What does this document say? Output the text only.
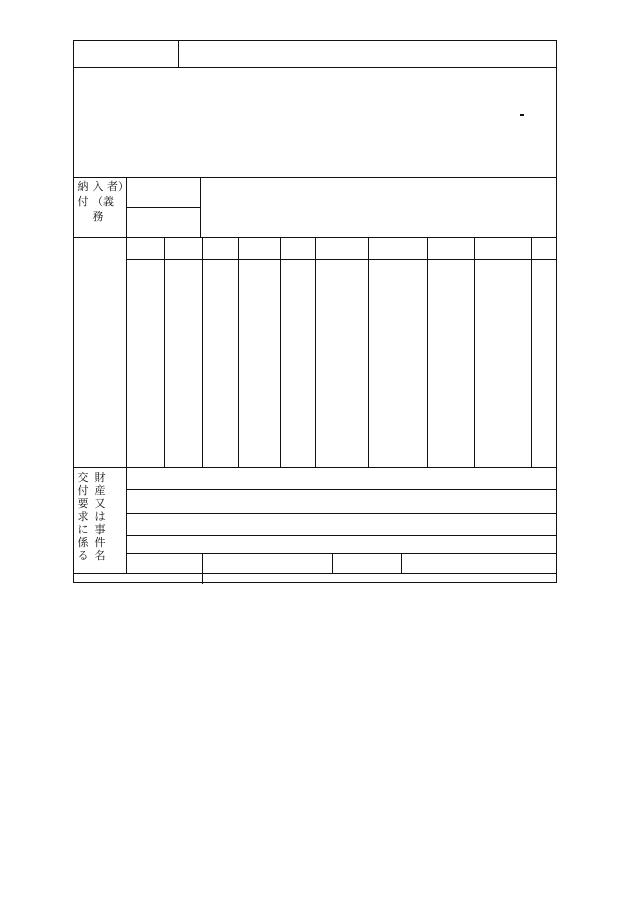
納付
入（義務
者）
交付要求に係る
財産又は事件名
